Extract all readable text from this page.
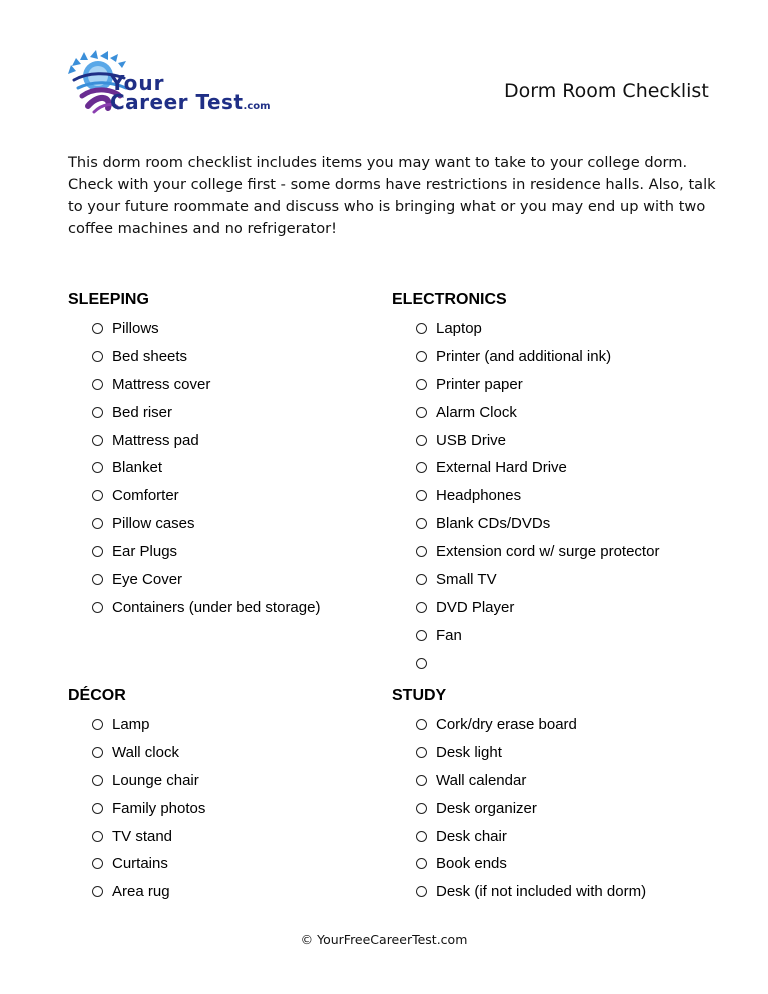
Your
Career Test.com
Dorm Room Checklist
This dorm room checklist includes items you may want to take to your college dorm. Check with your college first - some dorms have restrictions in residence halls. Also, talk to your future roommate and discuss who is bringing what or you may end up with two coffee machines and no refrigerator!
SLEEPING
Pillows
Bed sheets
Mattress cover
Bed riser
Mattress pad
Blanket
Comforter
Pillow cases
Ear Plugs
Eye Cover
Containers (under bed storage)
ELECTRONICS
Laptop
Printer (and additional ink)
Printer paper
Alarm Clock
USB Drive
External Hard Drive
Headphones
Blank CDs/DVDs
Extension cord w/ surge protector
Small TV
DVD Player
Fan
DÉCOR
Lamp
Wall clock
Lounge chair
Family photos
TV stand
Curtains
Area rug
STUDY
Cork/dry erase board
Desk light
Wall calendar
Desk organizer
Desk chair
Book ends
Desk (if not included with dorm)
© YourFreeCareerTest.com
